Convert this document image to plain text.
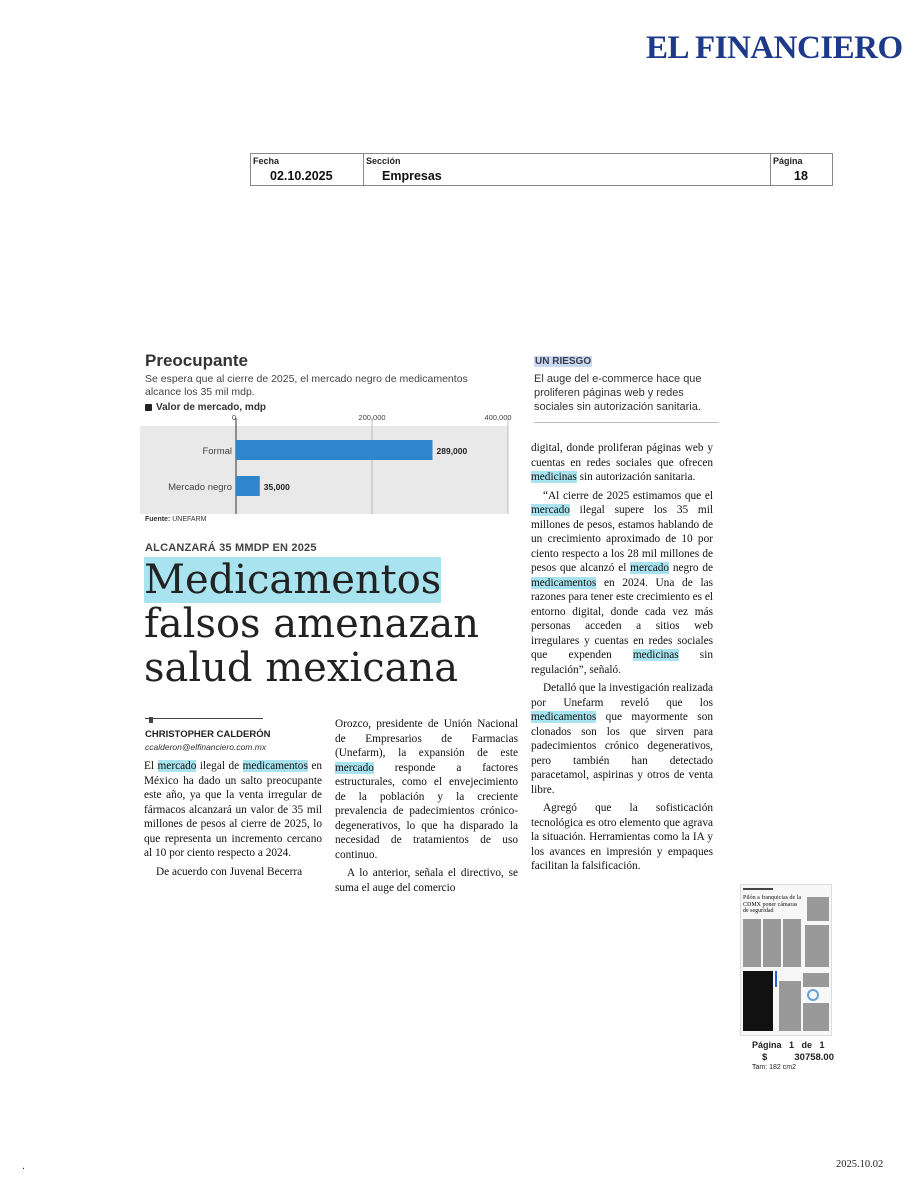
EL FINANCIERO
Fecha
02.10.2025
Sección
Empresas
Página
18
Preocupante
Se espera que al cierre de 2025, el mercado negro de medicamentos alcance los 35 mil mdp.
Valor de mercado, mdp
0	200,000	400,000
Formal	289,000
Mercado negro	35,000
Fuente: UNEFARM
UN RIESGO
El auge del e-commerce hace que proliferen páginas web y redes sociales sin autorización sanitaria.
ALCANZARÁ 35 MMDP EN 2025
Medicamentos
falsos amenazan
salud mexicana
CHRISTOPHER CALDERÓN
ccalderon@elfinanciero.com.mx

El mercado ilegal de medicamentos en México ha dado un salto preocupante este año, ya que la venta irregular de fármacos alcanzará un valor de 35 mil millones de pesos al cierre de 2025, lo que representa un incremento cercano al 10 por ciento respecto a 2024.

De acuerdo con Juvenal Becerra

Orozco, presidente de Unión Nacional de Empresarios de Farmacias (Unefarm), la expansión de este mercado responde a factores estructurales, como el envejecimiento de la población y la creciente prevalencia de padecimientos crónico-degenerativos, lo que ha disparado la necesidad de tratamientos de uso continuo.

A lo anterior, señala el directivo, se suma el auge del comercio

digital, donde proliferan páginas web y cuentas en redes sociales que ofrecen medicinas sin autorización sanitaria.

“Al cierre de 2025 estimamos que el mercado ilegal supere los 35 mil millones de pesos, estamos hablando de un crecimiento aproximado de 10 por ciento respecto a los 28 mil millones de pesos que alcanzó el mercado negro de medicamentos en 2024. Una de las razones para tener este crecimiento es el entorno digital, donde cada vez más personas acceden a sitios web irregulares y cuentas en redes sociales que expenden medicinas sin regulación”, señaló.

Detalló que la investigación realizada por Unefarm reveló que los medicamentos que mayormente son clonados son los que sirven para padecimientos crónico degenerativos, pero también han detectado paracetamol, aspirinas y otros de venta libre.

Agregó que la sofisticación tecnológica es otro elemento que agrava la situación. Herramientas como la IA y los avances en impresión y empaques facilitan la falsificación.

Pilón a franquicias de la CDMX poner cámaras de seguridad
Página   1   de   1
$	30758.00
Tam: 182 cm2
.	2025.10.02
